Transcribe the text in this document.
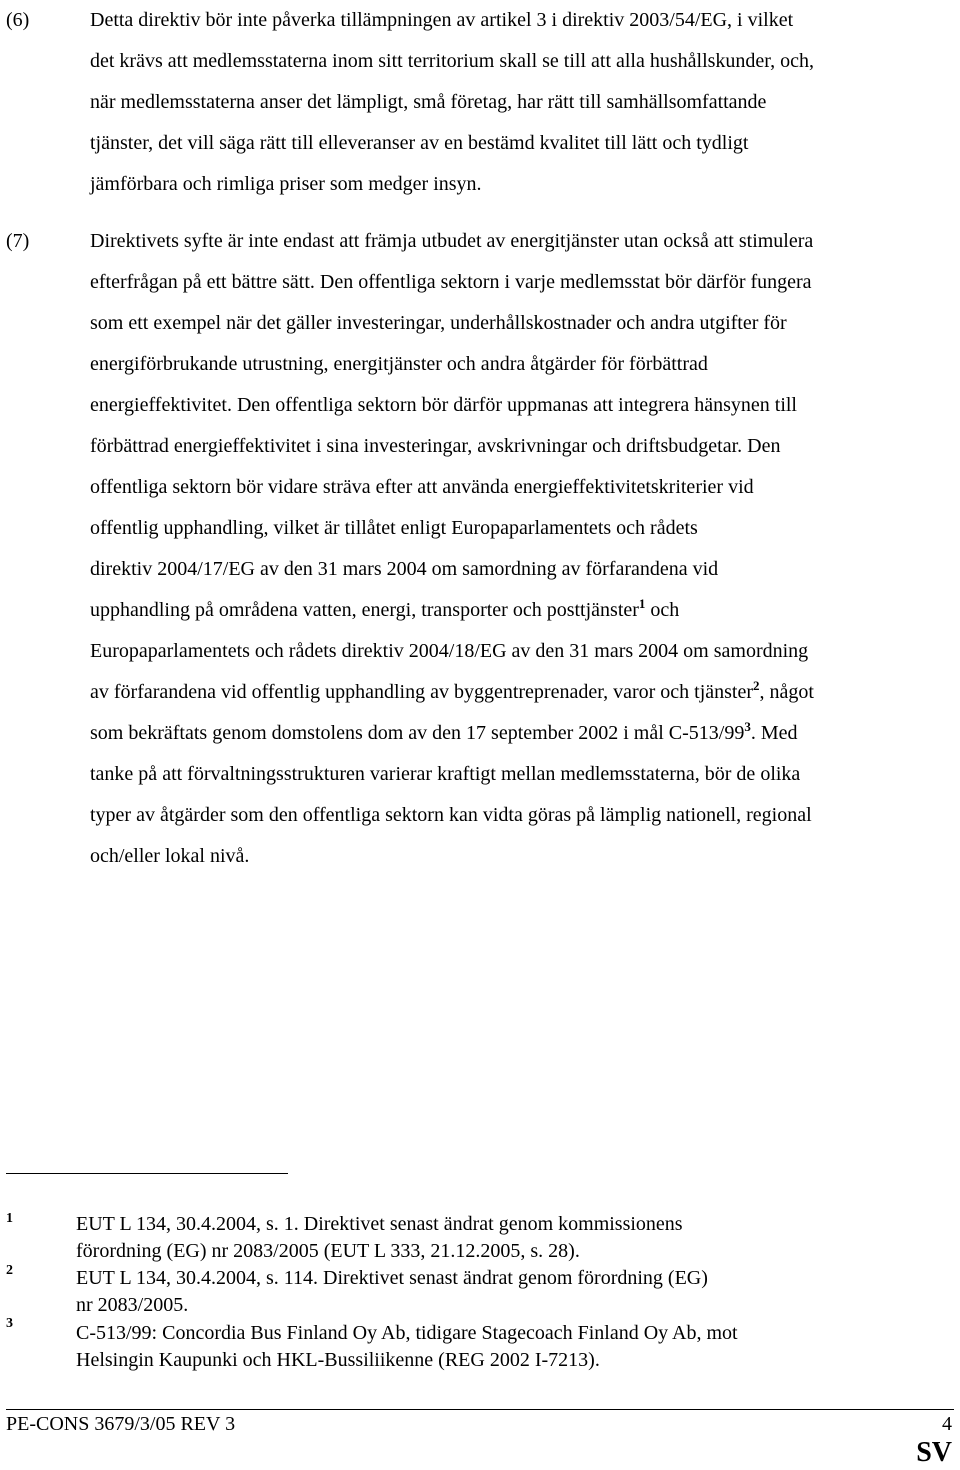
(6)	Detta direktiv bör inte påverka tillämpningen av artikel 3 i direktiv 2003/54/EG, i vilket
det krävs att medlemsstaterna inom sitt territorium skall se till att alla hushållskunder, och,
när medlemsstaterna anser det lämpligt, små företag, har rätt till samhällsomfattande
tjänster, det vill säga rätt till elleveranser av en bestämd kvalitet till lätt och tydligt
jämförbara och rimliga priser som medger insyn.
(7)	Direktivets syfte är inte endast att främja utbudet av energitjänster utan också att stimulera
efterfrågan på ett bättre sätt. Den offentliga sektorn i varje medlemsstat bör därför fungera
som ett exempel när det gäller investeringar, underhållskostnader och andra utgifter för
energiförbrukande utrustning, energitjänster och andra åtgärder för förbättrad
energieffektivitet. Den offentliga sektorn bör därför uppmanas att integrera hänsynen till
förbättrad energieffektivitet i sina investeringar, avskrivningar och driftsbudgetar. Den
offentliga sektorn bör vidare sträva efter att använda energieffektivitetskriterier vid
offentlig upphandling, vilket är tillåtet enligt Europaparlamentets och rådets
direktiv 2004/17/EG av den 31 mars 2004 om samordning av förfarandena vid
upphandling på områdena vatten, energi, transporter och posttjänster$^1$ och
Europaparlamentets och rådets direktiv 2004/18/EG av den 31 mars 2004 om samordning
av förfarandena vid offentlig upphandling av byggentreprenader, varor och tjänster$^2$, något
som bekräftats genom domstolens dom av den 17 september 2002 i mål $C-513/99^3$. Med
tanke på att förvaltningsstrukturen varierar kraftigt mellan medlemsstaterna, bör de olika
typer av åtgärder som den offentliga sektorn kan vidta göras på lämplig nationell, regional
och/eller lokal nivå.
1	EUT L 134, 30.4.2004, s. 1. Direktivet senast ändrat genom kommissionens
förordning (EG) nr 2083/2005 (EUT L 333, 21.12.2005, s. 28).
2	EUT L 134, 30.4.2004, s. 114. Direktivet senast ändrat genom förordning (EG)
nr 2083/2005.
3	C-513/99: Concordia Bus Finland Oy Ab, tidigare Stagecoach Finland Oy Ab, mot
Helsingin Kaupunki och HKL-Bussiliikenne (REG 2002 I-7213).
PE-CONS 3679/3/05 REV 3	4
SV
